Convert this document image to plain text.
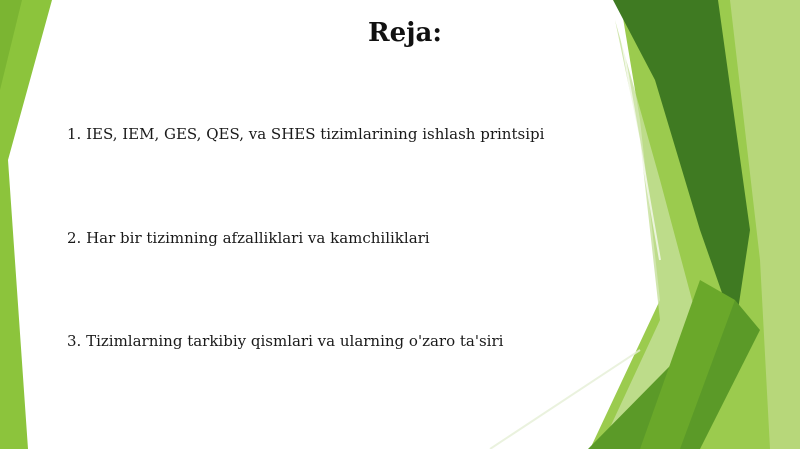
Reja:
1. IES, IEM, GES, QES, va SHES tizimlarining ishlash printsipi
2. Har bir tizimning afzalliklari va kamchiliklari
3. Tizimlarning tarkibiy qismlari va ularning o'zaro ta'siri
